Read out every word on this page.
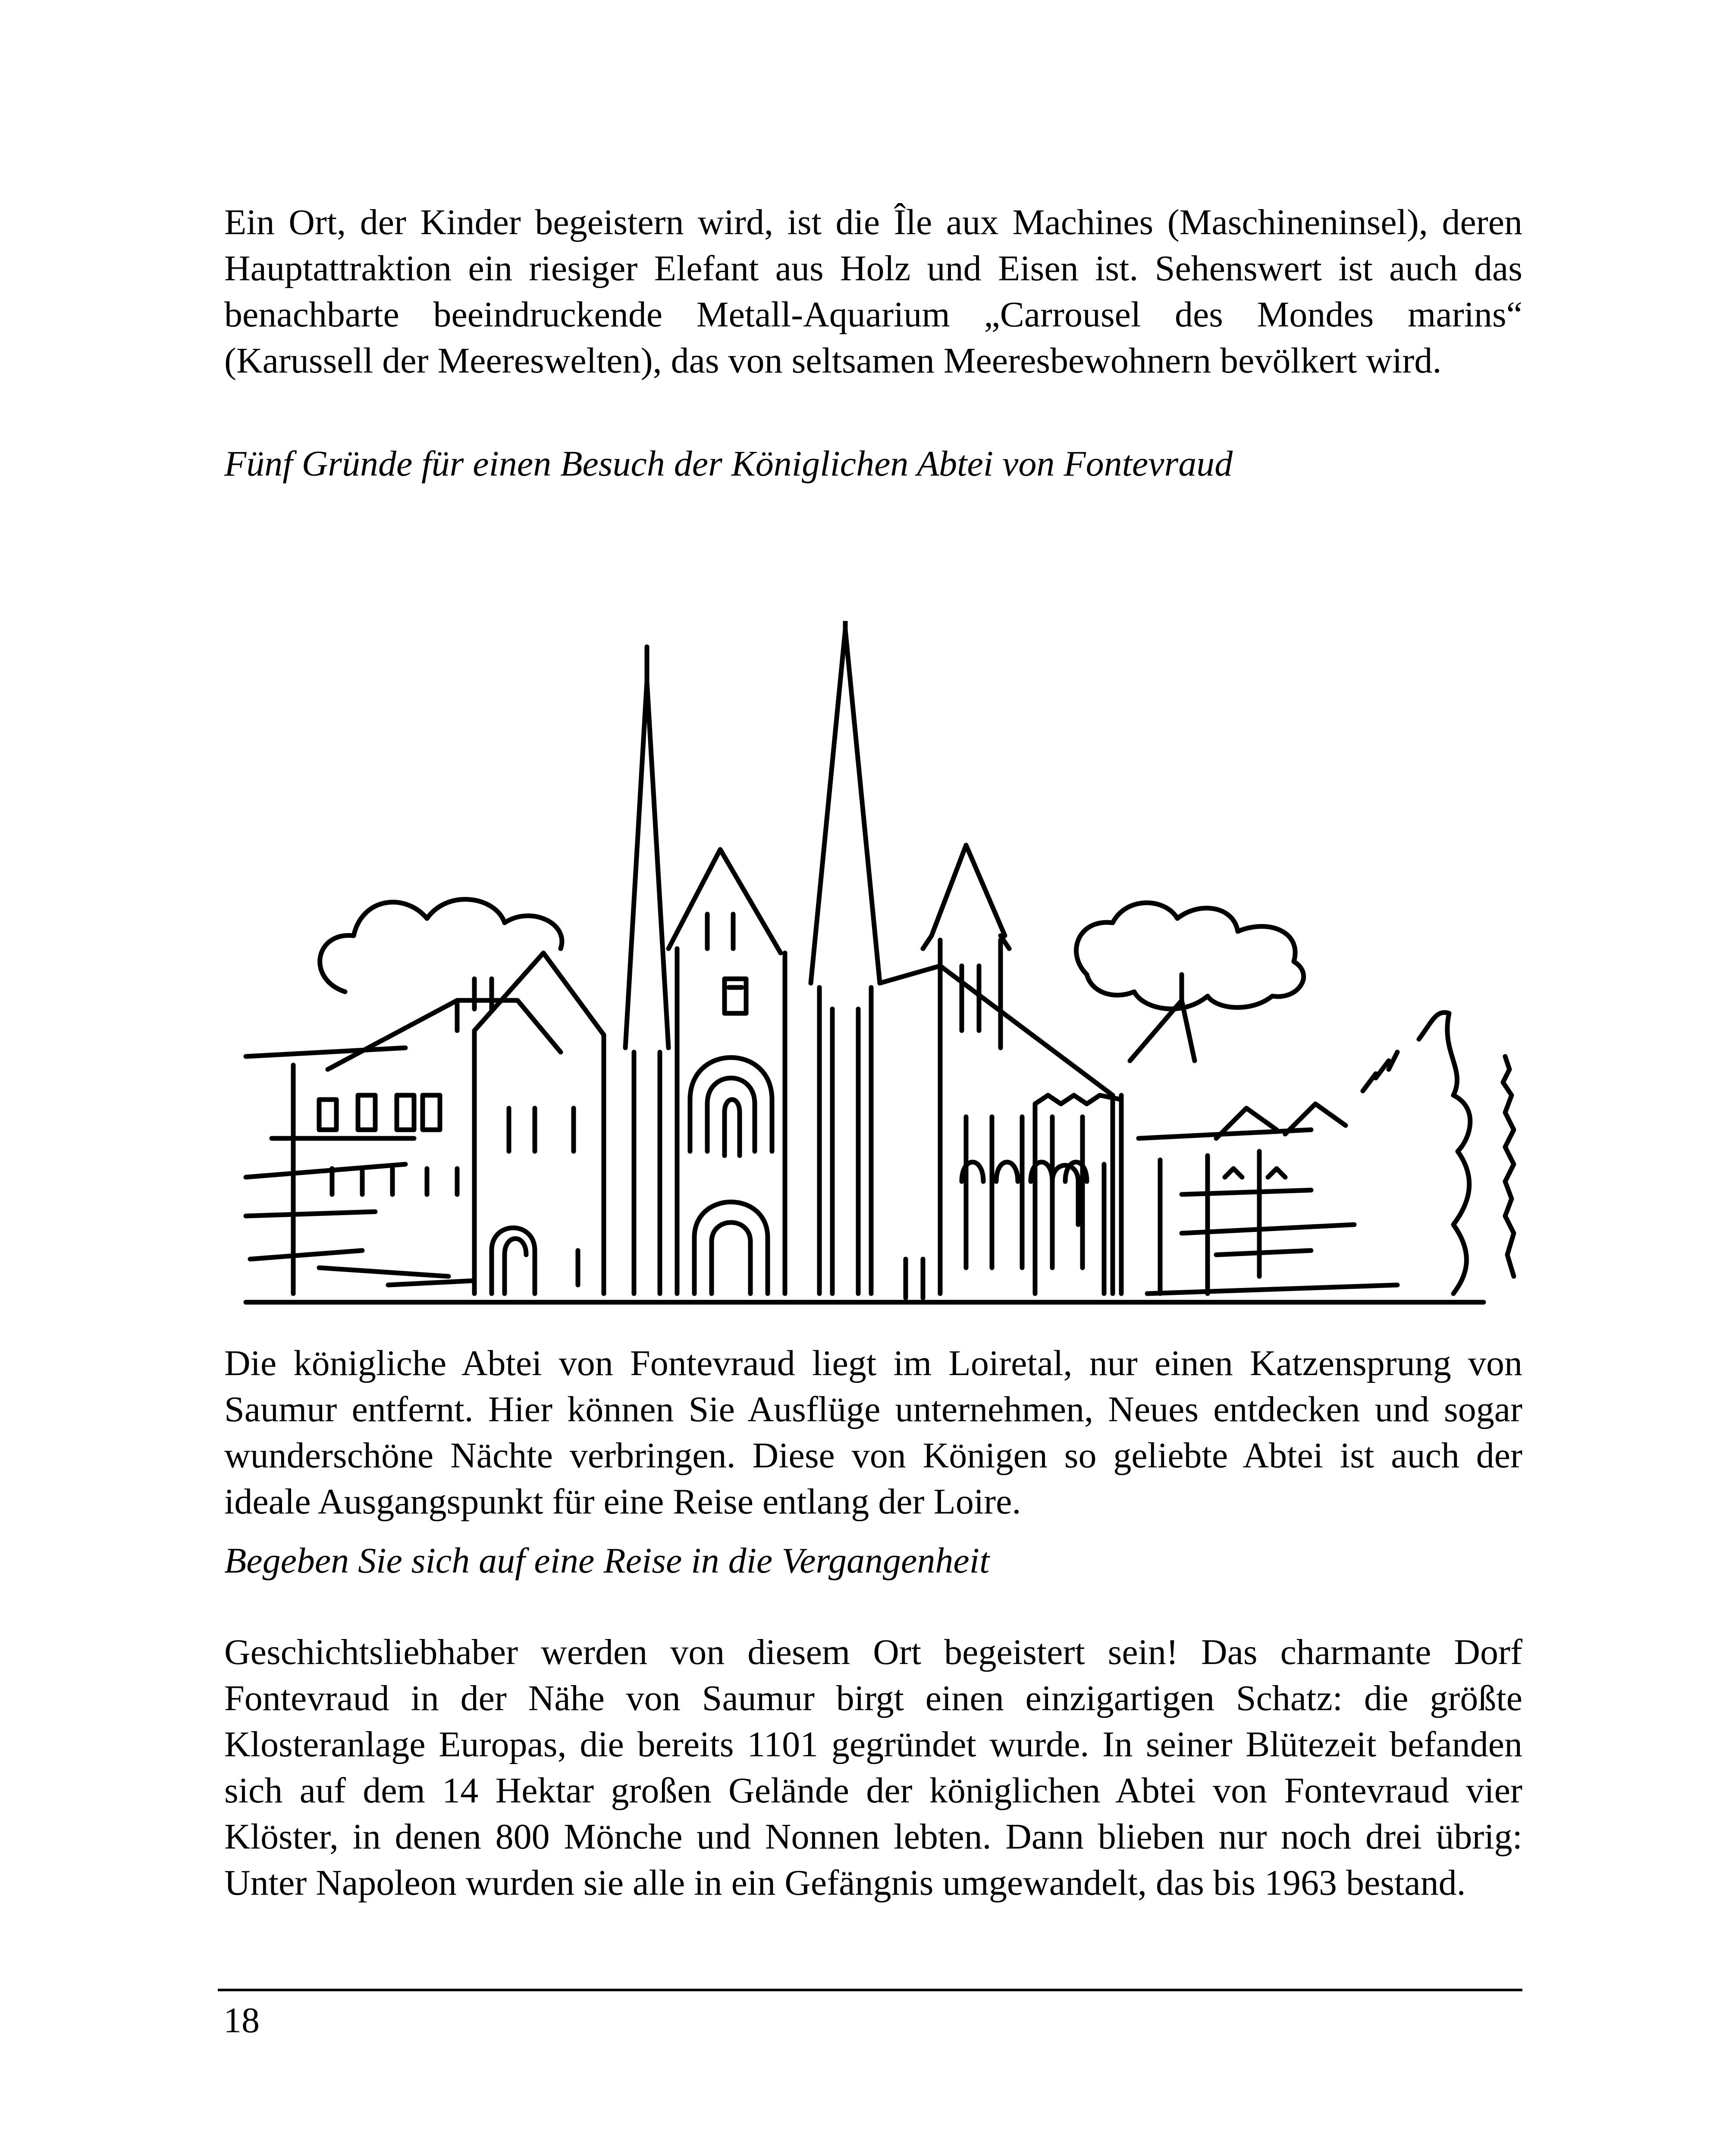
Ein Ort, der Kinder begeistern wird, ist die Île aux Machines (Maschineninsel), deren Hauptattraktion ein riesiger Elefant aus Holz und Eisen ist. Sehenswert ist auch das benachbarte beeindruckende Metall-Aquarium „Carrousel des Mondes marins“ (Karussell der Meereswelten), das von seltsamen Meeresbewohnern bevölkert wird.

Fünf Gründe für einen Besuch der Königlichen Abtei von Fontevraud

Die königliche Abtei von Fontevraud liegt im Loiretal, nur einen Katzensprung von Saumur entfernt. Hier können Sie Ausflüge unternehmen, Neues entdecken und sogar wunderschöne Nächte verbringen. Diese von Königen so geliebte Abtei ist auch der ideale Ausgangspunkt für eine Reise entlang der Loire.

Begeben Sie sich auf eine Reise in die Vergangenheit

Geschichtsliebhaber werden von diesem Ort begeistert sein! Das charmante Dorf Fontevraud in der Nähe von Saumur birgt einen einzigartigen Schatz: die größte Klosteranlage Europas, die bereits 1101 gegründet wurde. In seiner Blütezeit befanden sich auf dem 14 Hektar großen Gelände der königlichen Abtei von Fontevraud vier Klöster, in denen 800 Mönche und Nonnen lebten. Dann blieben nur noch drei übrig: Unter Napoleon wurden sie alle in ein Gefängnis umgewandelt, das bis 1963 bestand.

18
